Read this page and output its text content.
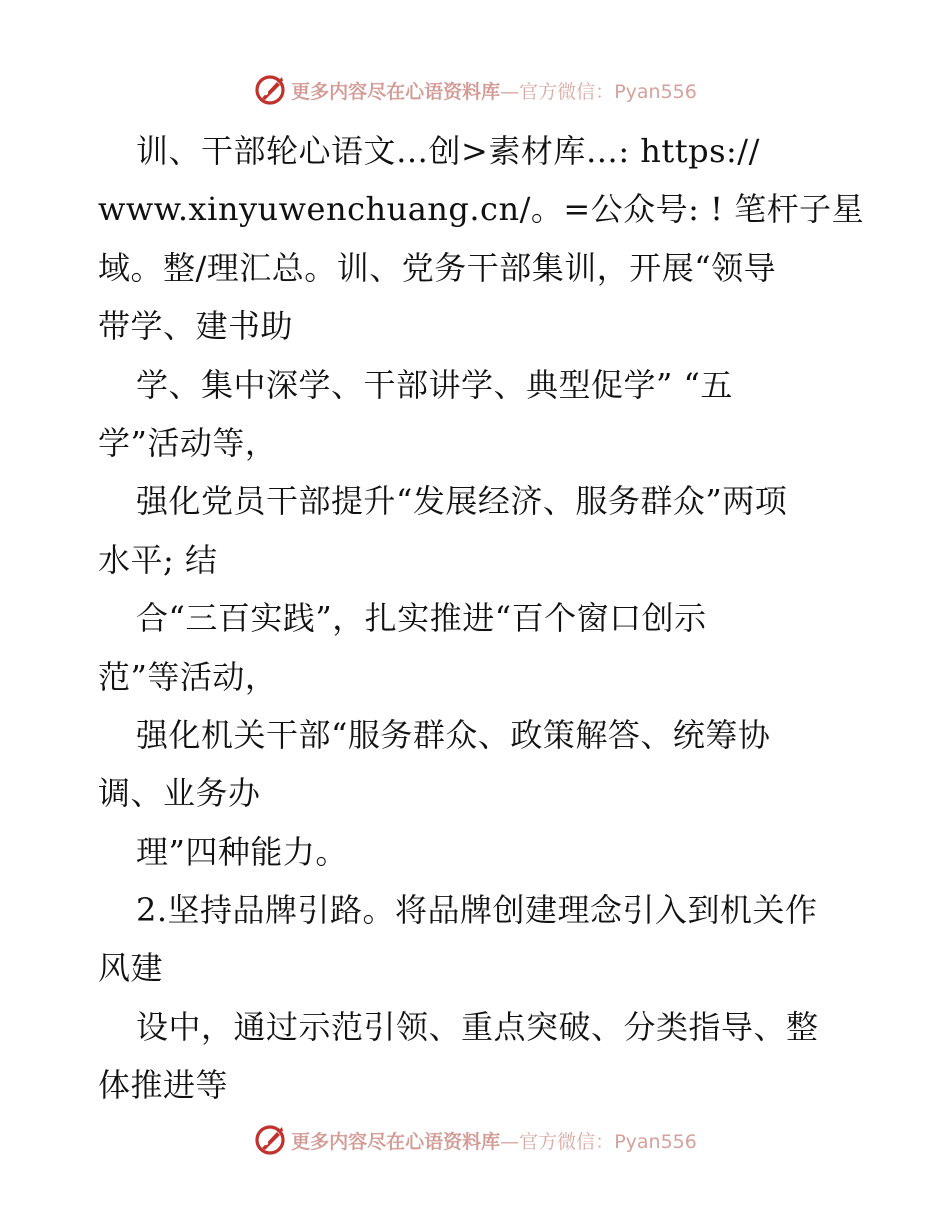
更多内容尽在心语资料库—官方微信：Pyan556
训、干部轮心语文…创>素材库…: https://
www.xinyuwenchuang.cn/。=公众号: ! 笔杆子星
域。整/理汇总。训、党务干部集训，开展“领导
带学、建书助
学、集中深学、干部讲学、典型促学” “五
学”活动等，
强化党员干部提升“发展经济、服务群众”两项
水平; 结
合“三百实践”，扎实推进“百个窗口创示
范”等活动，
强化机关干部“服务群众、政策解答、统筹协
调、业务办
理”四种能力。
2.坚持品牌引路。将品牌创建理念引入到机关作
风建
设中，通过示范引领、重点突破、分类指导、整
体推进等
更多内容尽在心语资料库—官方微信：Pyan556
